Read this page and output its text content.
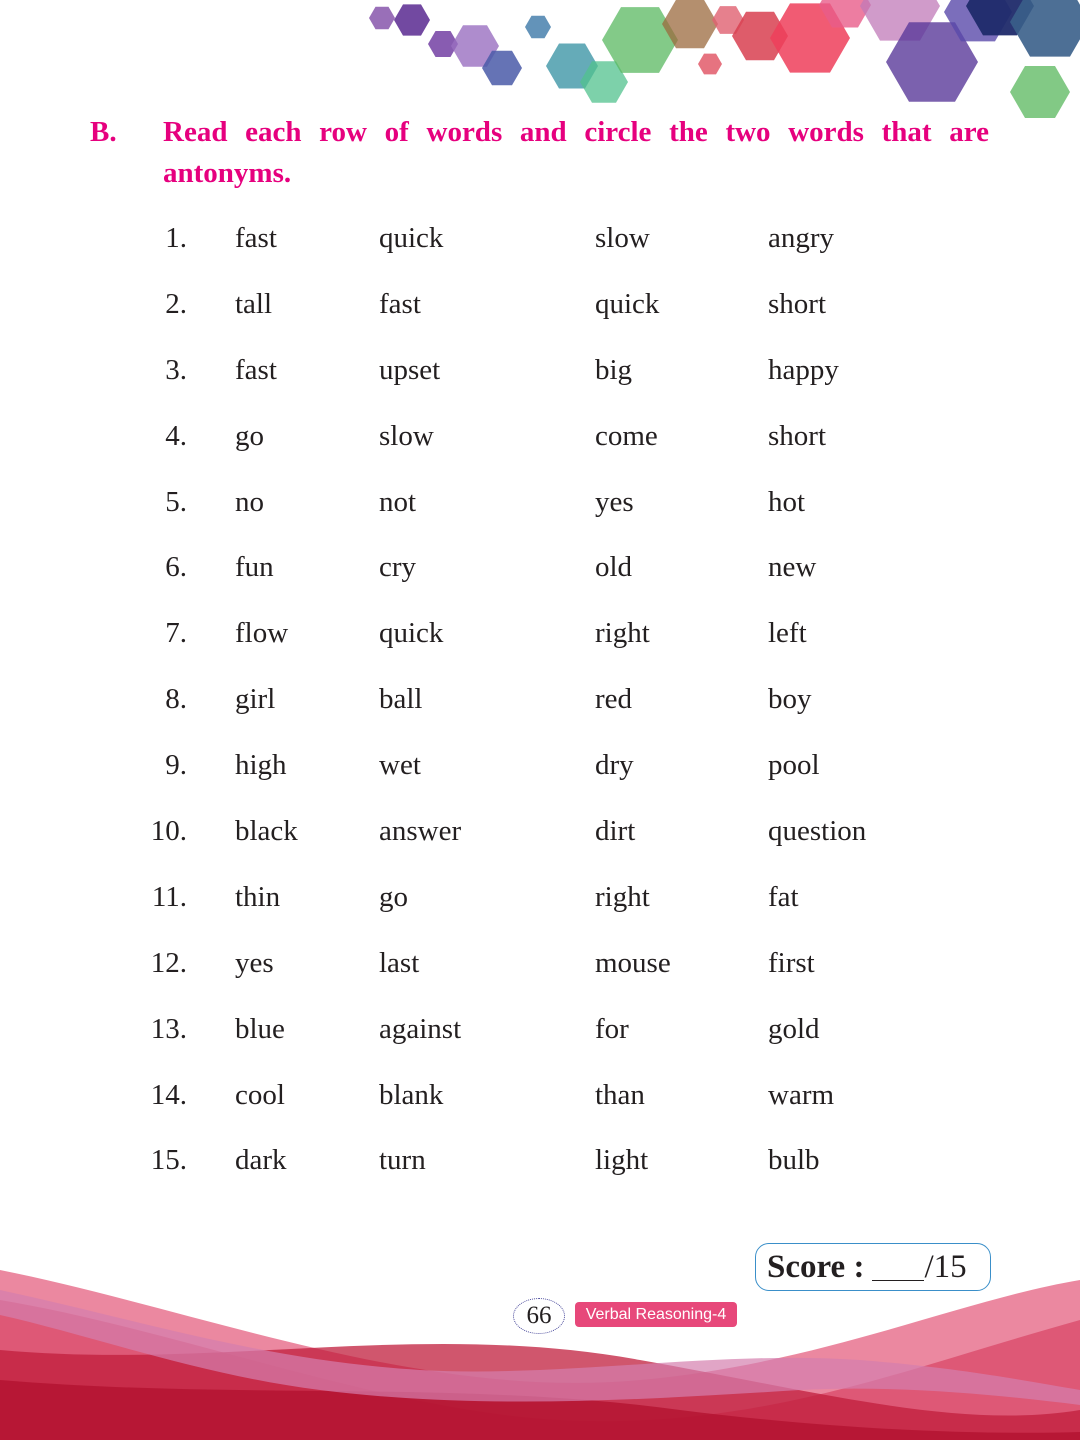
B. Read each row of words and circle the two words that are antonyms.
1. fast	quick	slow	angry
2. tall	fast	quick	short
3. fast	upset	big	happy
4. go	slow	come	short
5. no	not	yes	hot
6. fun	cry	old	new
7. flow	quick	right	left
8. girl	ball	red	boy
9. high	wet	dry	pool
10. black	answer	dirt	question
11. thin	go	right	fat
12. yes	last	mouse	first
13. blue	against	for	gold
14. cool	blank	than	warm
15. dark	turn	light	bulb
Score : /15
66	Verbal Reasoning-4
